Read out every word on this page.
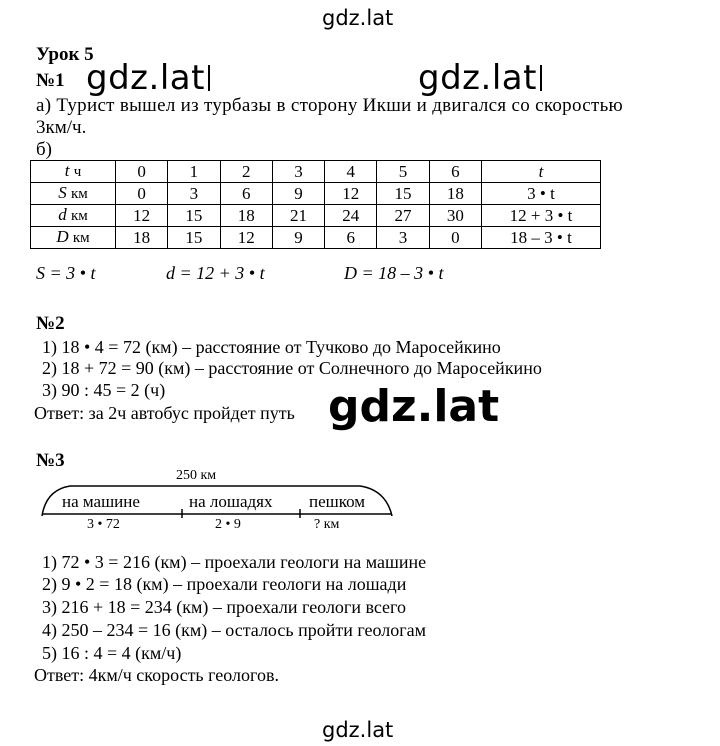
gdz.lat
Урок 5
№1 gdz.lat	gdz.lat
а) Турист вышел из турбазы в сторону Икши и двигался со скоростью
3км/ч.
б)
t ч	0	1	2	3	4	5	6	t
S км	0	3	6	9	12	15	18	3 • t
d км	12	15	18	21	24	27	30	12 + 3 • t
D км	18	15	12	9	6	3	0	18 – 3 • t
S = 3 • t	d = 12 + 3 • t	D = 18 – 3 • t
№2
1) 18 • 4 = 72 (км) – расстояние от Тучково до Маросейкино
2) 18 + 72 = 90 (км) – расстояние от Солнечного до Маросейкино
3) 90 : 45 = 2 (ч)
Ответ: за 2ч автобус пройдет путь gdz.lat
№3
250 км
на машине	на лошадях пешком
3 • 72	2 • 9	? км
1) 72 • 3 = 216 (км) – проехали геологи на машине
2) 9 • 2 = 18 (км) – проехали геологи на лошади
3) 216 + 18 = 234 (км) – проехали геологи всего
4) 250 – 234 = 16 (км) – осталось пройти геологам
5) 16 : 4 = 4 (км/ч)
Ответ: 4км/ч скорость геологов.
gdz.lat
